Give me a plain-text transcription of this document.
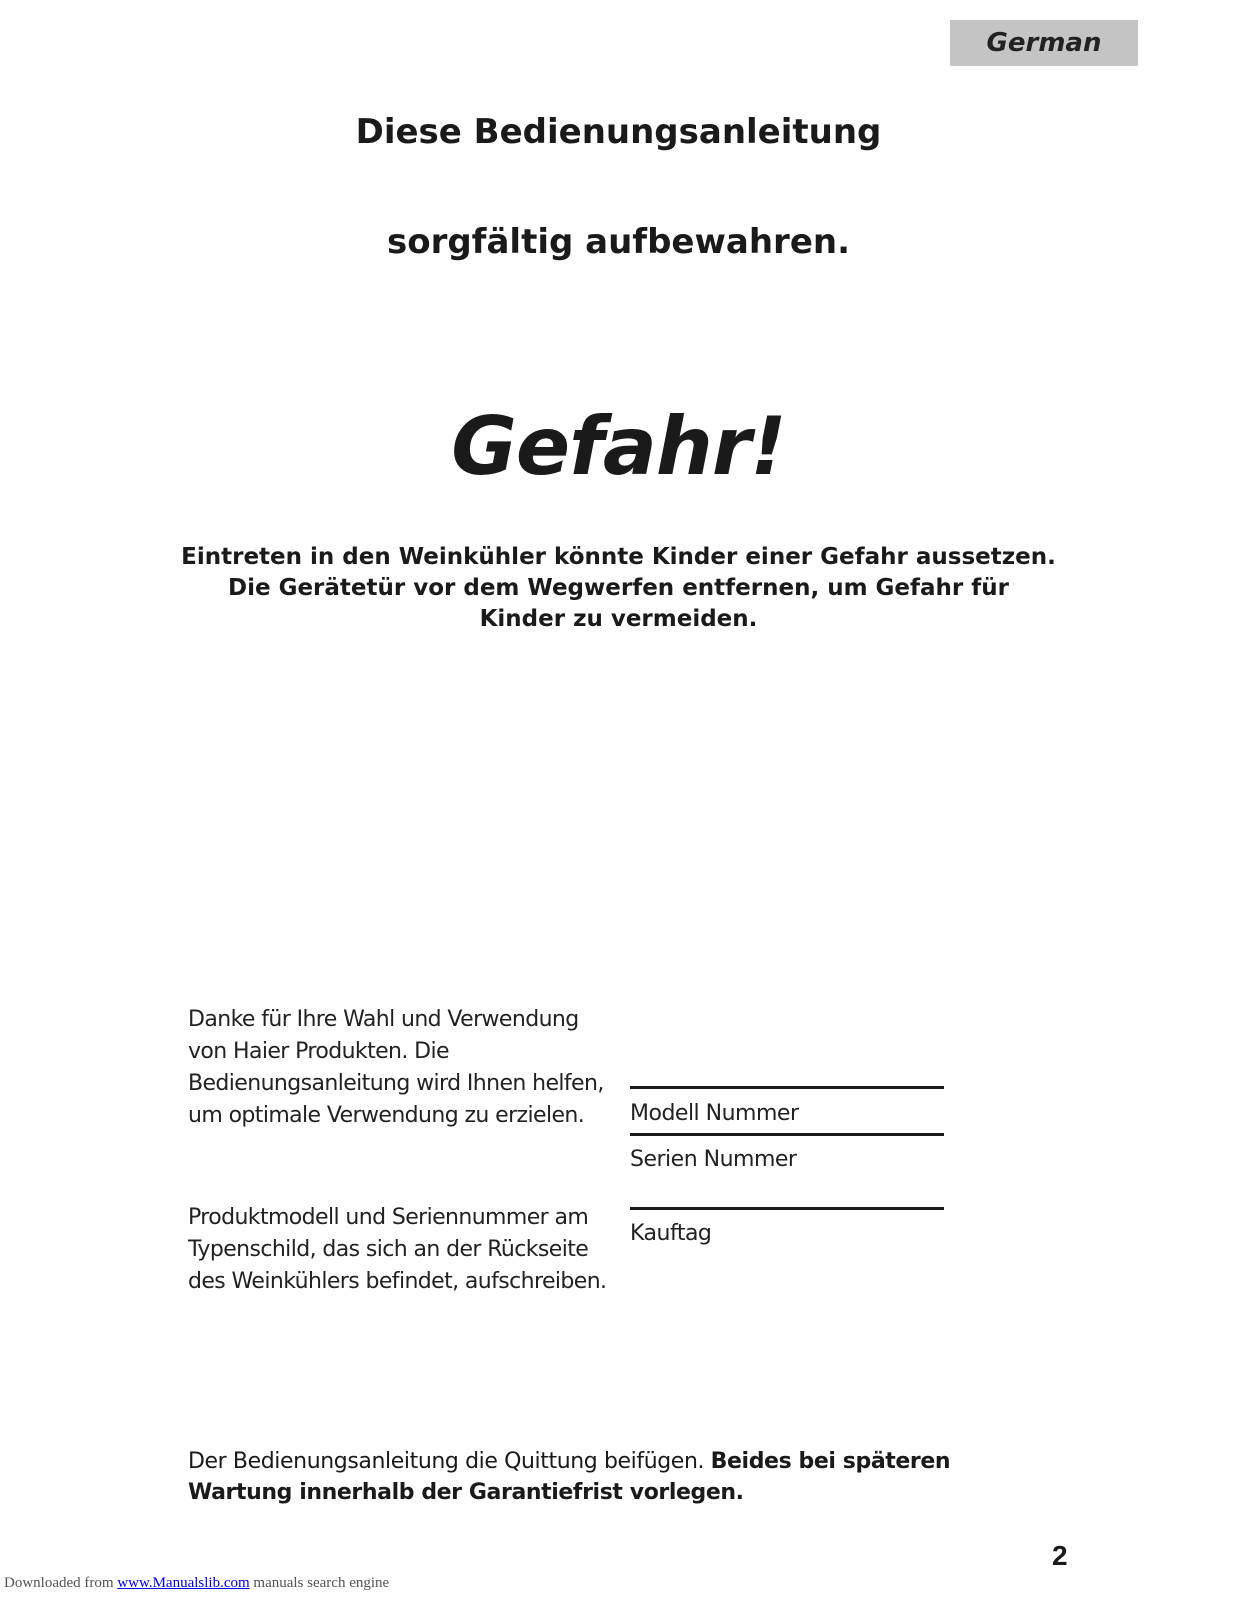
German
Diese Bedienungsanleitung
sorgfältig aufbewahren.
Gefahr!
Eintreten in den Weinkühler könnte Kinder einer Gefahr aussetzen.
Die Gerätetür vor dem Wegwerfen entfernen, um Gefahr für
Kinder zu vermeiden.
Danke für Ihre Wahl und Verwendung
von Haier Produkten. Die
Bedienungsanleitung wird Ihnen helfen,
um optimale Verwendung zu erzielen.
Produktmodell und Seriennummer am
Typenschild, das sich an der Rückseite
des Weinkühlers befindet, aufschreiben.
Modell Nummer
Serien Nummer
Kauftag
Der Bedienungsanleitung die Quittung beifügen. Beides bei späteren
Wartung innerhalb der Garantiefrist vorlegen.
2
Downloaded from www.Manualslib.com manuals search engine
